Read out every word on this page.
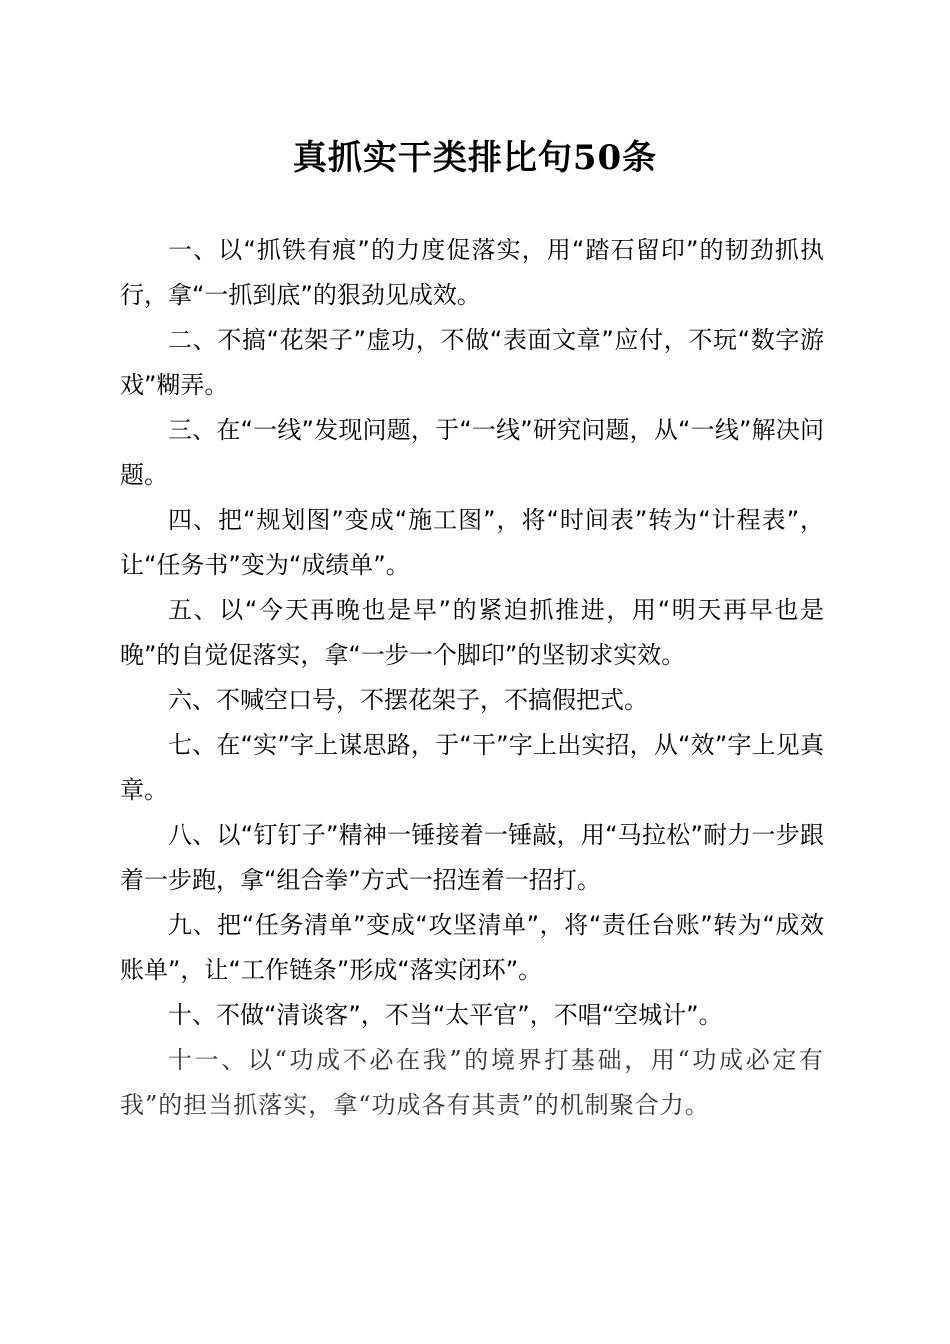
真抓实干类排比句50条

一、以“抓铁有痕”的力度促落实，用“踏石留印”的韧劲抓执行，拿“一抓到底”的狠劲见成效。

二、不搞“花架子”虚功，不做“表面文章”应付，不玩“数字游戏”糊弄。

三、在“一线”发现问题，于“一线”研究问题，从“一线”解决问题。

四、把“规划图”变成“施工图”，将“时间表”转为“计程表”，让“任务书”变为“成绩单”。

五、以“今天再晚也是早”的紧迫抓推进，用“明天再早也是晚”的自觉促落实，拿“一步一个脚印”的坚韧求实效。

六、不喊空口号，不摆花架子，不搞假把式。

七、在“实”字上谋思路，于“干”字上出实招，从“效”字上见真章。

八、以“钉钉子”精神一锤接着一锤敲，用“马拉松”耐力一步跟着一步跑，拿“组合拳”方式一招连着一招打。

九、把“任务清单”变成“攻坚清单”，将“责任台账”转为“成效账单”，让“工作链条”形成“落实闭环”。

十、不做“清谈客”，不当“太平官”，不唱“空城计”。

十一、以“功成不必在我”的境界打基础，用“功成必定有我”的担当抓落实，拿“功成各有其责”的机制聚合力。
